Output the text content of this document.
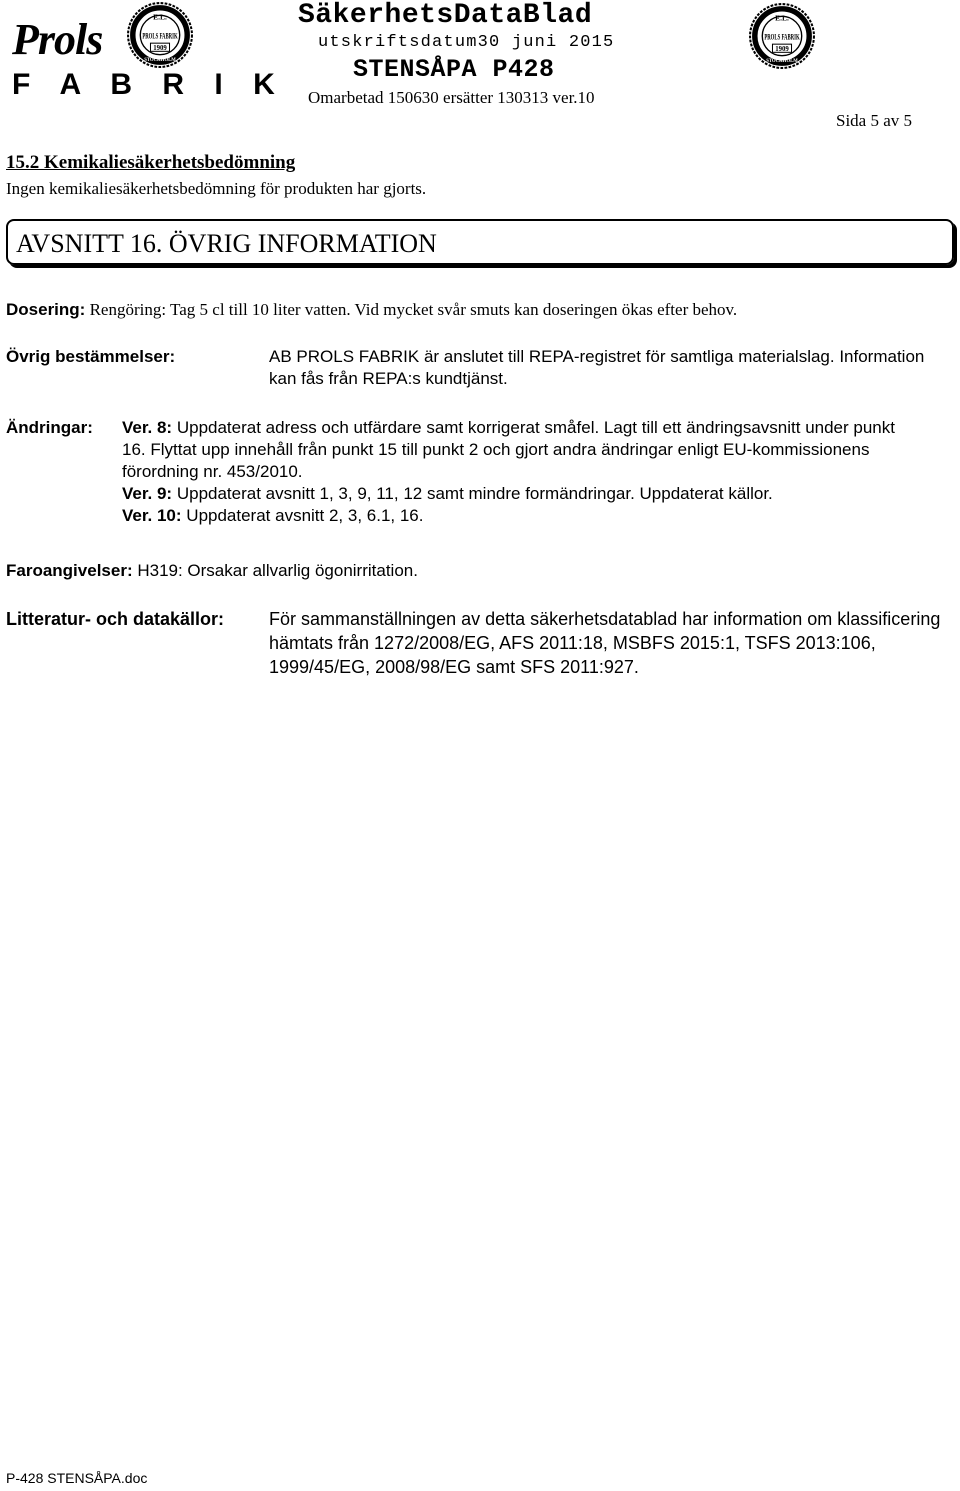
Prols
F A B R I K
E.L.
PROLS FABRIK
1909
STOCKHOLM
SäkerhetsDataBlad
utskriftsdatum30 juni 2015
STENSÅPA P428
Omarbetad 150630 ersätter 130313 ver.10
E.L.
PROLS FABRIK
1909
STOCKHOLM
Sida 5 av 5
15.2 Kemikaliesäkerhetsbedömning
Ingen kemikaliesäkerhetsbedömning för produkten har gjorts.
AVSNITT 16. ÖVRIG INFORMATION
Dosering: Rengöring: Tag 5 cl till 10 liter vatten. Vid mycket svår smuts kan doseringen ökas efter behov.
Övrig bestämmelser:	AB PROLS FABRIK är anslutet till REPA-registret för samtliga materialslag. Information kan fås från REPA:s kundtjänst.
Ändringar: Ver. 8: Uppdaterat adress och utfärdare samt korrigerat småfel. Lagt till ett ändringsavsnitt under punkt 16. Flyttat upp innehåll från punkt 15 till punkt 2 och gjort andra ändringar enligt EU-kommissionens förordning nr. 453/2010.

Ver. 9: Uppdaterat avsnitt 1, 3, 9, 11, 12 samt mindre formändringar. Uppdaterat källor.

Ver. 10: Uppdaterat avsnitt 2, 3, 6.1, 16.

Faroangivelser: H319: Orsakar allvarlig ögonirritation.
Litteratur- och datakällor: För sammanställningen av detta säkerhetsdatablad har information om klassificering hämtats från 1272/2008/EG, AFS 2011:18, MSBFS 2015:1, TSFS 2013:106, 1999/45/EG, 2008/98/EG samt SFS 2011:927.
P-428 STENSÅPA.doc
